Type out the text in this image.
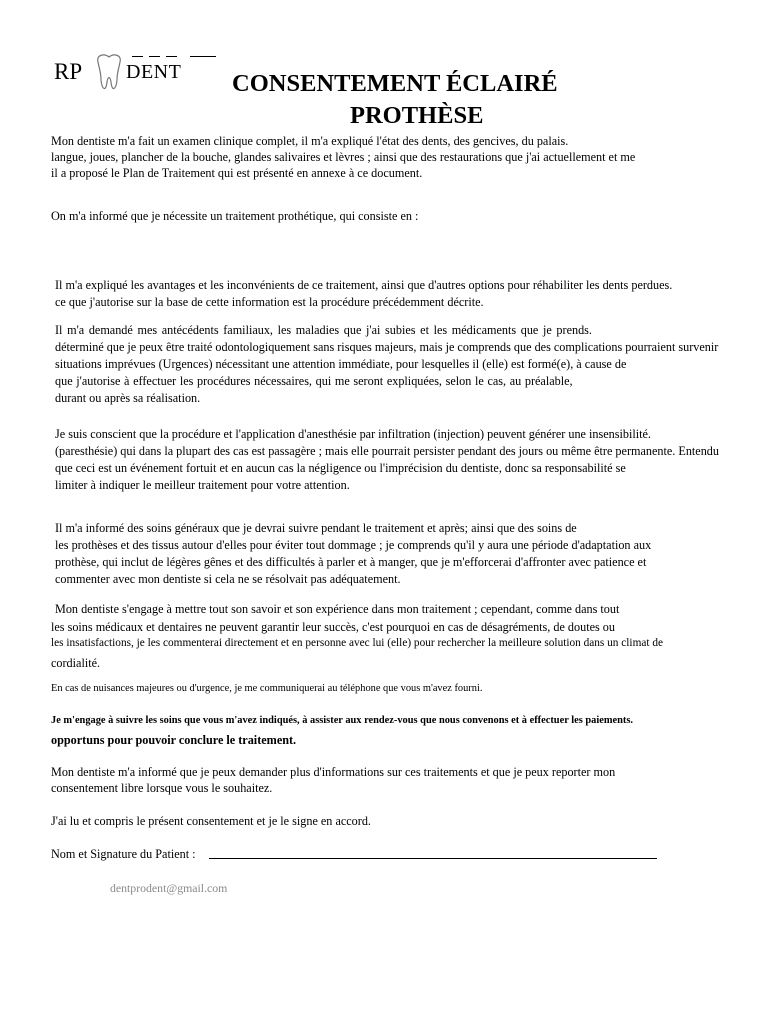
RP DENT CONSENTEMENT ÉCLAIRÉ
PROTHÈSE
Mon dentiste m'a fait un examen clinique complet, il m'a expliqué l'état des dents, des gencives, du palais.
langue, joues, plancher de la bouche, glandes salivaires et lèvres ; ainsi que des restaurations que j'ai actuellement et me
il a proposé le Plan de Traitement qui est présenté en annexe à ce document.
On m'a informé que je nécessite un traitement prothétique, qui consiste en :
Il m'a expliqué les avantages et les inconvénients de ce traitement, ainsi que d'autres options pour réhabiliter les dents perdues.
ce que j'autorise sur la base de cette information est la procédure précédemment décrite.
Il m'a demandé mes antécédents familiaux, les maladies que j'ai subies et les médicaments que je prends.
déterminé que je peux être traité odontologiquement sans risques majeurs, mais je comprends que des complications pourraient survenir
situations imprévues (Urgences) nécessitant une attention immédiate, pour lesquelles il (elle) est formé(e), à cause de
que j'autorise à effectuer les procédures nécessaires, qui me seront expliquées, selon le cas, au préalable,
durant ou après sa réalisation.
Je suis conscient que la procédure et l'application d'anesthésie par infiltration (injection) peuvent générer une insensibilité.
(paresthésie) qui dans la plupart des cas est passagère ; mais elle pourrait persister pendant des jours ou même être permanente. Entendu
que ceci est un événement fortuit et en aucun cas la négligence ou l'imprécision du dentiste, donc sa responsabilité se
limiter à indiquer le meilleur traitement pour votre attention.
Il m'a informé des soins généraux que je devrai suivre pendant le traitement et après; ainsi que des soins de
les prothèses et des tissus autour d'elles pour éviter tout dommage ; je comprends qu'il y aura une période d'adaptation aux
prothèse, qui inclut de légères gênes et des difficultés à parler et à manger, que je m'efforcerai d'affronter avec patience et
commenter avec mon dentiste si cela ne se résolvait pas adéquatement.
Mon dentiste s'engage à mettre tout son savoir et son expérience dans mon traitement ; cependant, comme dans tout
les soins médicaux et dentaires ne peuvent garantir leur succès, c'est pourquoi en cas de désagréments, de doutes ou
les insatisfactions, je les commenterai directement et en personne avec lui (elle) pour rechercher la meilleure solution dans un climat de
cordialité.
En cas de nuisances majeures ou d'urgence, je me communiquerai au téléphone que vous m'avez fourni.
Je m'engage à suivre les soins que vous m'avez indiqués, à assister aux rendez-vous que nous convenons et à effectuer les paiements.
opportuns pour pouvoir conclure le traitement.
Mon dentiste m'a informé que je peux demander plus d'informations sur ces traitements et que je peux reporter mon
consentement libre lorsque vous le souhaitez.
J'ai lu et compris le présent consentement et je le signe en accord.
Nom et Signature du Patient :
dentprodent@gmail.com
